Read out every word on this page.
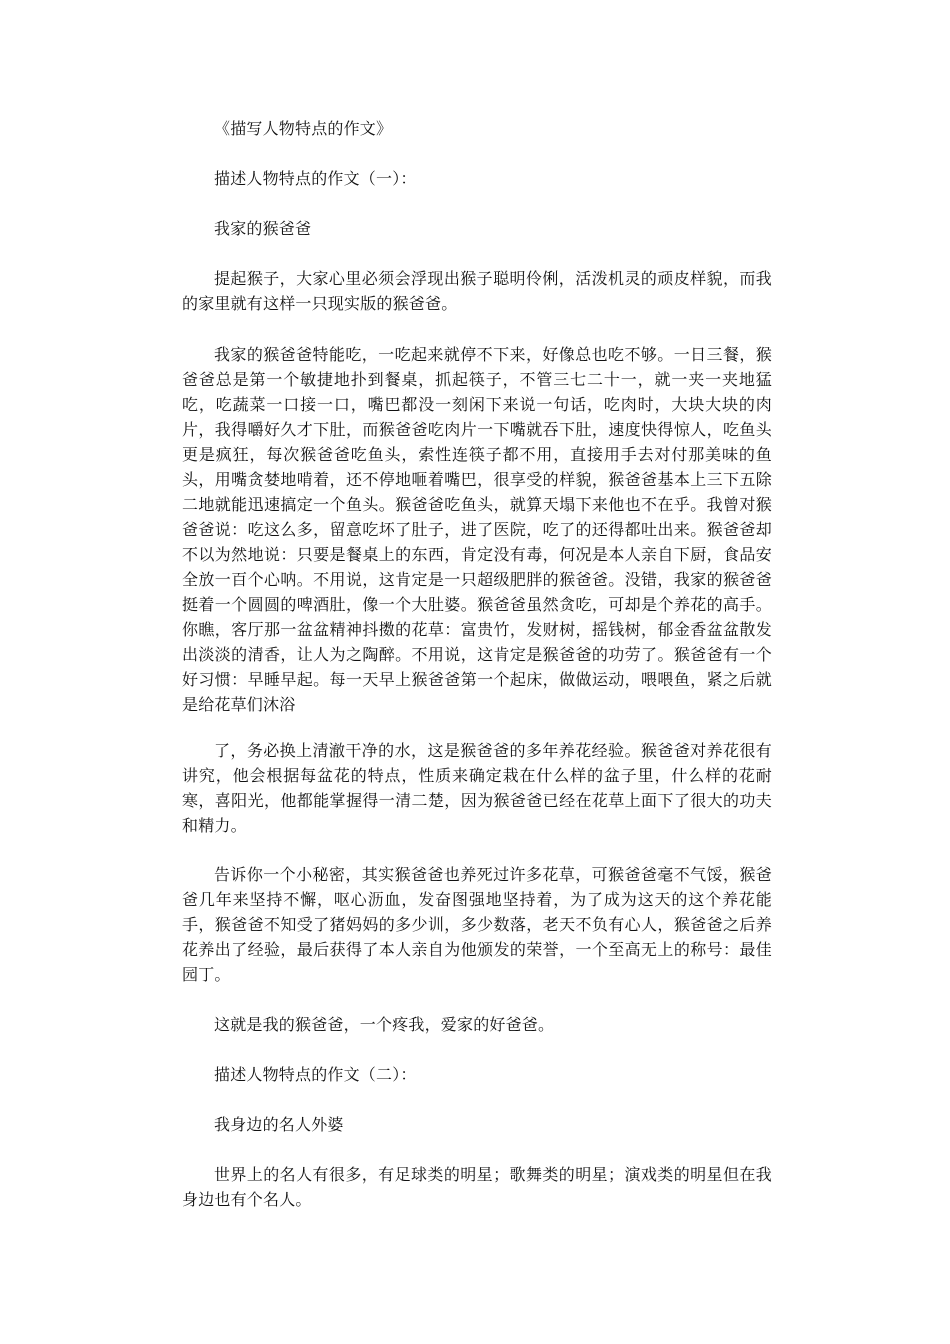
《描写人物特点的作文》

描述人物特点的作文（一）：

我家的猴爸爸

提起猴子，大家心里必须会浮现出猴子聪明伶俐，活泼机灵的顽皮样貌，而我的家里就有这样一只现实版的猴爸爸。

我家的猴爸爸特能吃，一吃起来就停不下来，好像总也吃不够。一日三餐，猴爸爸总是第一个敏捷地扑到餐桌，抓起筷子，不管三七二十一，就一夹一夹地猛吃，吃蔬菜一口接一口，嘴巴都没一刻闲下来说一句话，吃肉时，大块大块的肉片，我得嚼好久才下肚，而猴爸爸吃肉片一下嘴就吞下肚，速度快得惊人，吃鱼头更是疯狂，每次猴爸爸吃鱼头，索性连筷子都不用，直接用手去对付那美味的鱼头，用嘴贪婪地啃着，还不停地咂着嘴巴，很享受的样貌，猴爸爸基本上三下五除二地就能迅速搞定一个鱼头。猴爸爸吃鱼头，就算天塌下来他也不在乎。我曾对猴爸爸说：吃这么多，留意吃坏了肚子，进了医院，吃了的还得都吐出来。猴爸爸却不以为然地说：只要是餐桌上的东西，肯定没有毒，何况是本人亲自下厨，食品安全放一百个心呐。不用说，这肯定是一只超级肥胖的猴爸爸。没错，我家的猴爸爸挺着一个圆圆的啤酒肚，像一个大肚婆。猴爸爸虽然贪吃，可却是个养花的高手。你瞧，客厅那一盆盆精神抖擞的花草：富贵竹，发财树，摇钱树，郁金香盆盆散发出淡淡的清香，让人为之陶醉。不用说，这肯定是猴爸爸的功劳了。猴爸爸有一个好习惯：早睡早起。每一天早上猴爸爸第一个起床，做做运动，喂喂鱼，紧之后就是给花草们沐浴

了，务必换上清澈干净的水，这是猴爸爸的多年养花经验。猴爸爸对养花很有讲究，他会根据每盆花的特点，性质来确定栽在什么样的盆子里，什么样的花耐寒，喜阳光，他都能掌握得一清二楚，因为猴爸爸已经在花草上面下了很大的功夫和精力。

告诉你一个小秘密，其实猴爸爸也养死过许多花草，可猴爸爸毫不气馁，猴爸爸几年来坚持不懈，呕心沥血，发奋图强地坚持着，为了成为这天的这个养花能手，猴爸爸不知受了猪妈妈的多少训，多少数落，老天不负有心人，猴爸爸之后养花养出了经验，最后获得了本人亲自为他颁发的荣誉，一个至高无上的称号：最佳园丁。

这就是我的猴爸爸，一个疼我，爱家的好爸爸。

描述人物特点的作文（二）：

我身边的名人外婆

世界上的名人有很多，有足球类的明星；歌舞类的明星；演戏类的明星但在我身边也有个名人。
